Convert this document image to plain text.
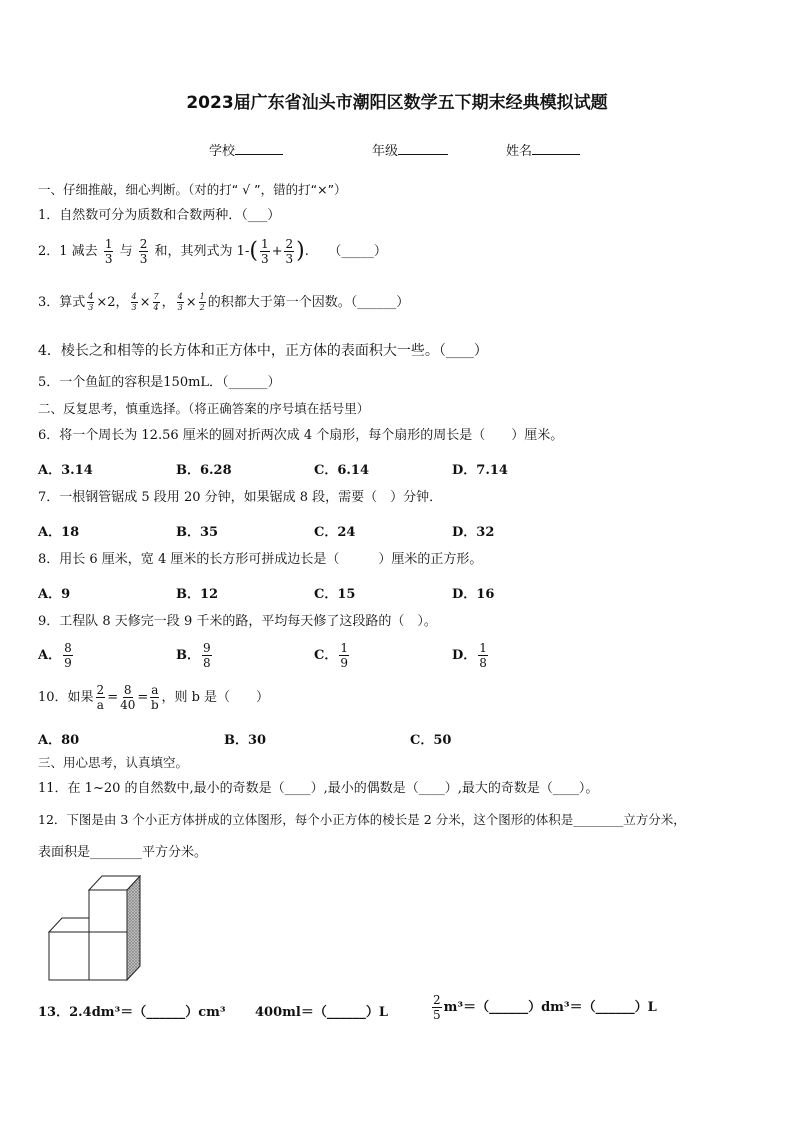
2023届广东省汕头市潮阳区数学五下期末经典模拟试题
学校	年级	姓名
一、仔细推敲，细心判断。（对的打“ √ ”，错的打“×”）
1．自然数可分为质数和合数两种．（___）
2．1 减去 $\frac{1}{3}$ 与 $\frac{2}{3}$ 和，其列式为 $1-( \frac{1}{3} + \frac{2}{3}$ ).　　（_____）
3．算式 $\frac{4}{3} \times 2$， $\frac{4}{3} \times \frac{7}{4}$ ， $\frac{4}{3} \times \frac{1}{2}$ 的积都大于第一个因数。（______）
4．棱长之和相等的长方体和正方体中，正方体的表面积大一些。（____）
5．一个鱼缸的容积是150mL．（______）
二、反复思考，慎重选择。（将正确答案的序号填在括号里）
6．将一个周长为 12.56 厘米的圆对折两次成 4 个扇形，每个扇形的周长是（　　）厘米。
A．3.14	B．6.28	C．6.14	D．7.14
7．一根钢管锯成 5 段用 20 分钟，如果锯成 8 段，需要（　）分钟．
A．18	B．35	C．24	D．32
8．用长 6 厘米，宽 4 厘米的长方形可拼成边长是（　　　）厘米的正方形。
A．9	B．12	C．15	D．16
9．工程队 8 天修完一段 9 千米的路，平均每天修了这段路的（　）。
A． $\frac{8}{9}$	B． $\frac{9}{8}$	C． $\frac{1}{9}$	D． $\frac{1}{8}$
10．如果 $\frac{2}{a} = \frac{8}{40} = \frac{a}{b}$ ，则 b 是（　　）
A．80	B．30	C．50
三、用心思考，认真填空。
11．在 1~20 的自然数中,最小的奇数是（____）,最小的偶数是（____）,最大的奇数是（____）。
12．下图是由 3 个小正方体拼成的立体图形，每个小正方体的棱长是 2 分米，这个图形的体积是________立方分米，
表面积是________平方分米。
13．2.4dm³＝（______）cm³ 400ml＝（______）L	$\frac{2}{5}$ m³＝（______）dm³＝（______）L
